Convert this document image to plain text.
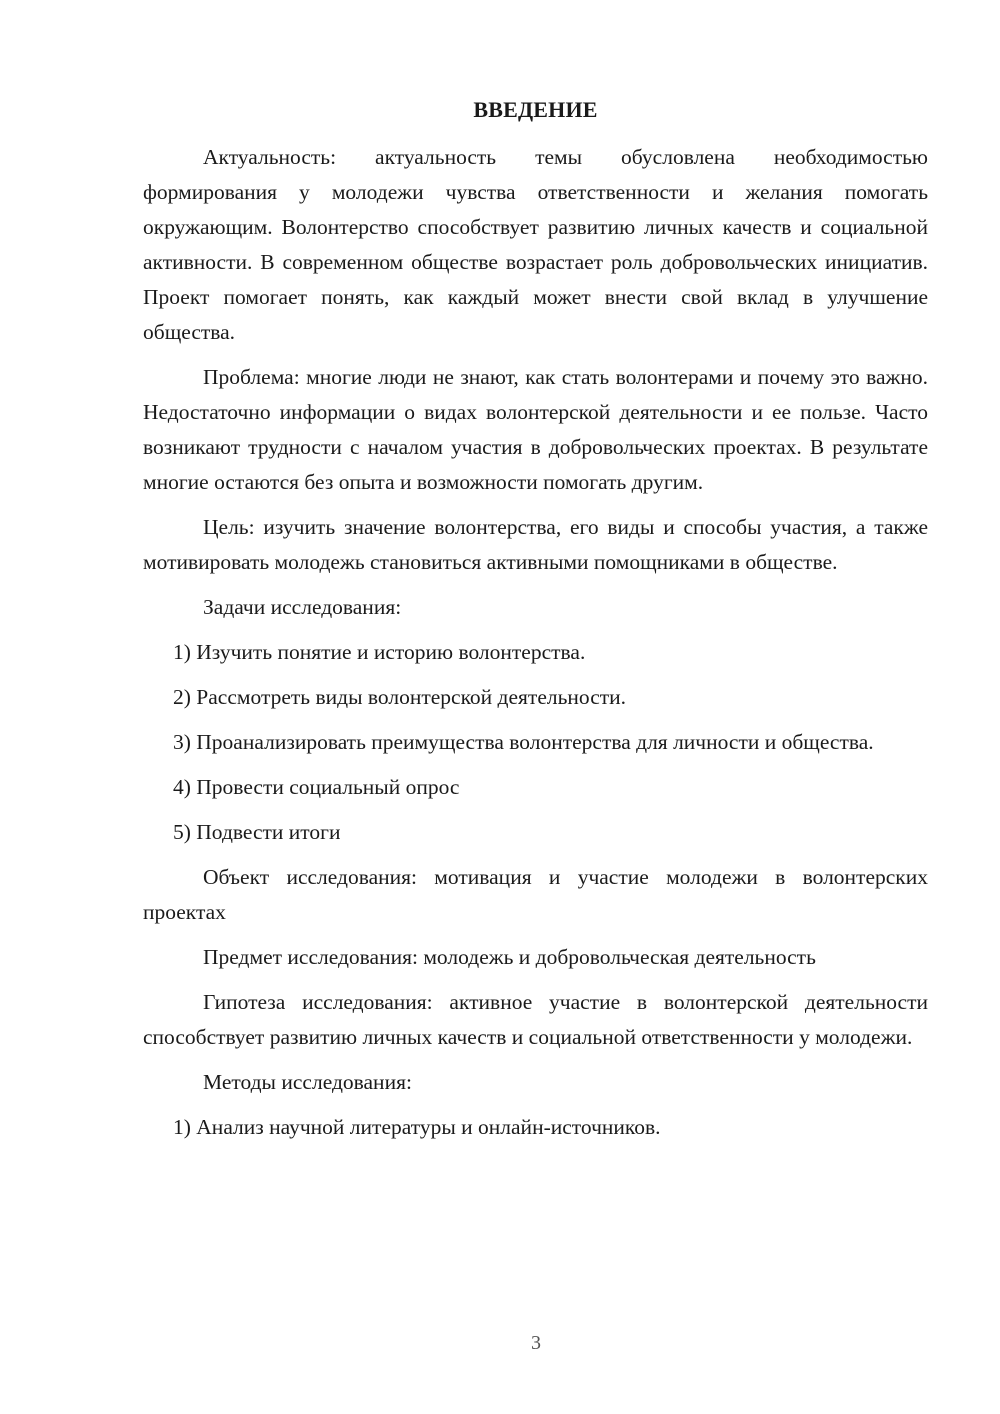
ВВЕДЕНИЕ

Актуальность: актуальность темы обусловлена необходимостью формирования у молодежи чувства ответственности и желания помогать окружающим. Волонтерство способствует развитию личных качеств и социальной активности. В современном обществе возрастает роль добровольческих инициатив. Проект помогает понять, как каждый может внести свой вклад в улучшение общества.

Проблема: многие люди не знают, как стать волонтерами и почему это важно. Недостаточно информации о видах волонтерской деятельности и ее пользе. Часто возникают трудности с началом участия в добровольческих проектах. В результате многие остаются без опыта и возможности помогать другим.

Цель: изучить значение волонтерства, его виды и способы участия, а также мотивировать молодежь становиться активными помощниками в обществе.

Задачи исследования:

1) Изучить понятие и историю волонтерства.

2) Рассмотреть виды волонтерской деятельности.

3) Проанализировать преимущества волонтерства для личности и общества.

4) Провести социальный опрос

5) Подвести итоги

Объект исследования: мотивация и участие молодежи в волонтерских проектах

Предмет исследования: молодежь и добровольческая деятельность

Гипотеза исследования: активное участие в волонтерской деятельности способствует развитию личных качеств и социальной ответственности у молодежи.

Методы исследования:

1) Анализ научной литературы и онлайн-источников.

3
